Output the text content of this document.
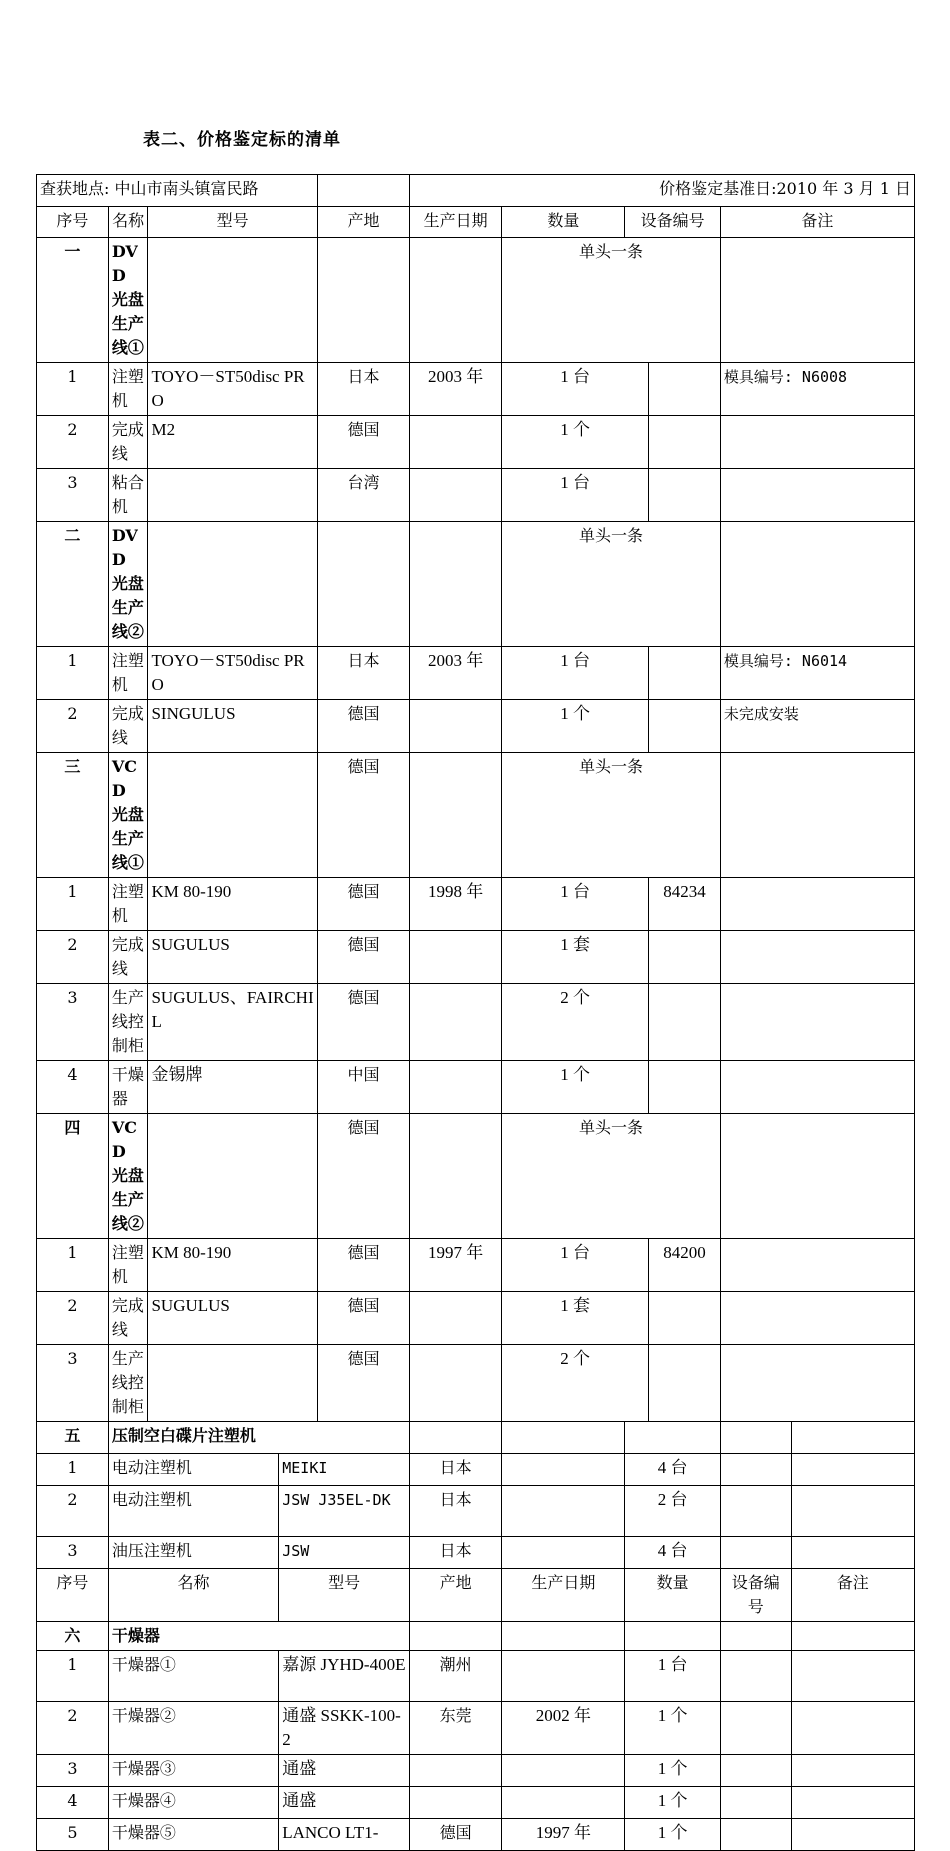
表二、价格鉴定标的清单
查获地点: 中山市南头镇富民路					价格鉴定基准日:2010 年 3 月 1 日					
序号	名称	型号		产地	生产日期	数量	设备编号		备注	
一	DVD 光盘生产线①					单头一条				
1	注塑机	TOYO－ST50disc PRO		日本	2003 年	1 台			模具编号: N6008	
2	完成线	M2		德国		1 个				
3	粘合机			台湾		1 台				
二	DVD 光盘生产线②					单头一条				
1	注塑机	TOYO－ST50disc PRO		日本	2003 年	1 台			模具编号: N6014	
2	完成线	SINGULUS		德国		1 个			未完成安装	
三	VCD 光盘生产线①			德国		单头一条				
1	注塑机	KM 80-190		德国	1998 年	1 台		84234		
2	完成线	SUGULUS		德国		1 套				
3	生产线控制柜	SUGULUS、FAIRCHIL		德国		2 个				
4	干燥器	金锡牌		中国		1 个				
四	VCD 光盘生产线②			德国		单头一条				
1	注塑机	KM 80-190		德国	1997 年	1 台		84200		
2	完成线	SUGULUS		德国		1 套				
3	生产线控制柜			德国		2 个				
五	压制空白碟片注塑机									
1	电动注塑机		MEIKI		日本		4 台			
2	电动注塑机		JSW J35EL-DK		日本		2 台			
3	油压注塑机		JSW		日本		4 台			
序号	名称		型号		产地	生产日期	数量		设备编号	备注
六	干燥器									
1	干燥器①		嘉源 JYHD-400E		潮州		1 台			
2	干燥器②		通盛 SSKK-100-2		东莞	2002 年	1 个			
3	干燥器③		通盛				1 个			
4	干燥器④		通盛				1 个			
5	干燥器⑤		LANCO LT1-		德国	1997 年	1 个			
